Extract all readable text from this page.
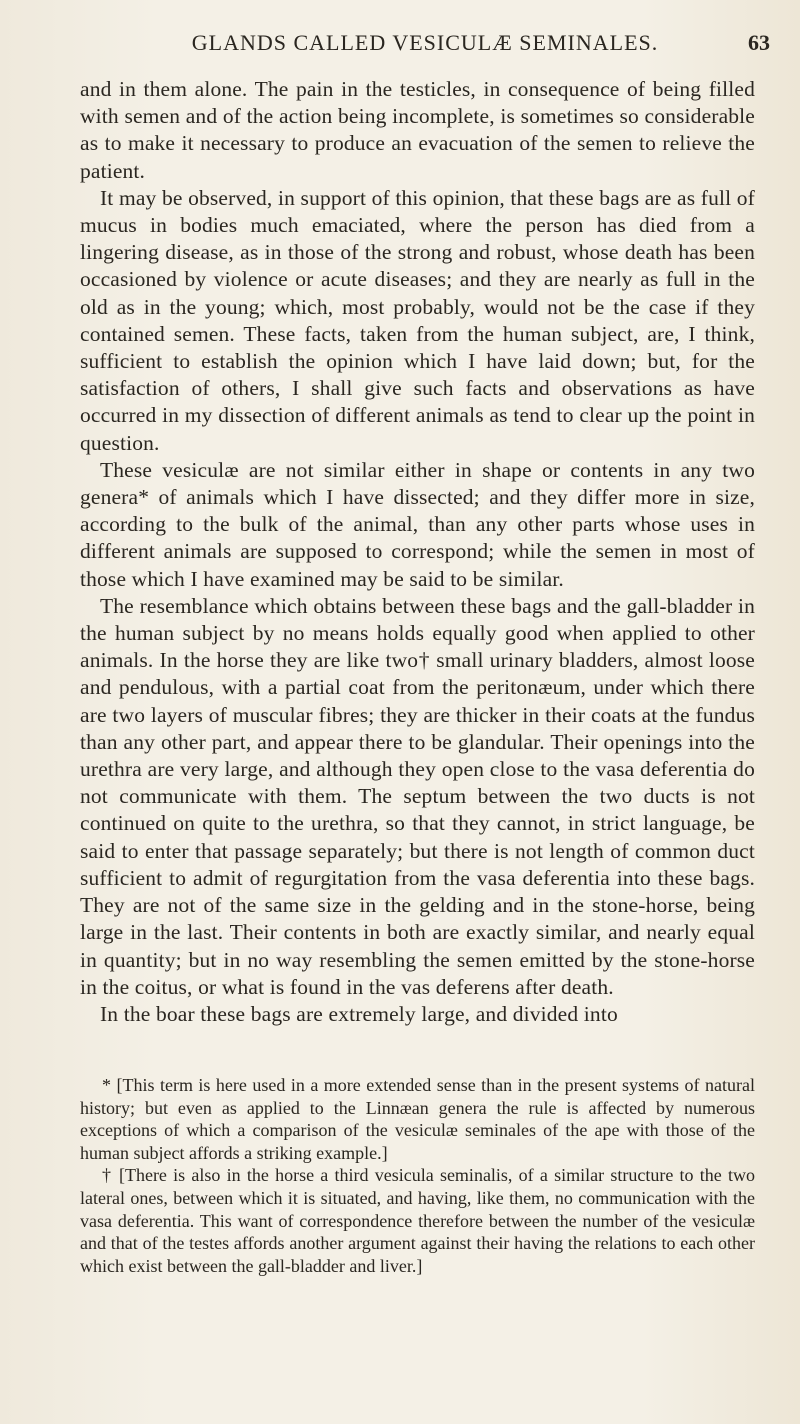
GLANDS CALLED VESICULÆ SEMINALES.	63

and in them alone. The pain in the testicles, in consequence of being filled with semen and of the action being incomplete, is sometimes so considerable as to make it necessary to produce an evacuation of the semen to relieve the patient.

It may be observed, in support of this opinion, that these bags are as full of mucus in bodies much emaciated, where the person has died from a lingering disease, as in those of the strong and robust, whose death has been occasioned by violence or acute diseases; and they are nearly as full in the old as in the young; which, most probably, would not be the case if they contained semen. These facts, taken from the human subject, are, I think, sufficient to establish the opinion which I have laid down; but, for the satisfaction of others, I shall give such facts and observations as have occurred in my dissection of different animals as tend to clear up the point in question.

These vesiculæ are not similar either in shape or contents in any two genera* of animals which I have dissected; and they differ more in size, according to the bulk of the animal, than any other parts whose uses in different animals are supposed to correspond; while the semen in most of those which I have examined may be said to be similar.

The resemblance which obtains between these bags and the gall-bladder in the human subject by no means holds equally good when applied to other animals. In the horse they are like two† small urinary bladders, almost loose and pendulous, with a partial coat from the peritonæum, under which there are two layers of muscular fibres; they are thicker in their coats at the fundus than any other part, and appear there to be glandular. Their openings into the urethra are very large, and although they open close to the vasa deferentia do not communicate with them. The septum between the two ducts is not continued on quite to the urethra, so that they cannot, in strict language, be said to enter that passage separately; but there is not length of common duct sufficient to admit of regurgitation from the vasa deferentia into these bags. They are not of the same size in the gelding and in the stone-horse, being large in the last. Their contents in both are exactly similar, and nearly equal in quantity; but in no way resembling the semen emitted by the stone-horse in the coitus, or what is found in the vas deferens after death.

In the boar these bags are extremely large, and divided into

* [This term is here used in a more extended sense than in the present systems of natural history; but even as applied to the Linnæan genera the rule is affected by numerous exceptions of which a comparison of the vesiculæ seminales of the ape with those of the human subject affords a striking example.]

† [There is also in the horse a third vesicula seminalis, of a similar structure to the two lateral ones, between which it is situated, and having, like them, no communication with the vasa deferentia. This want of correspondence therefore between the number of the vesiculæ and that of the testes affords another argument against their having the relations to each other which exist between the gall-bladder and liver.]
